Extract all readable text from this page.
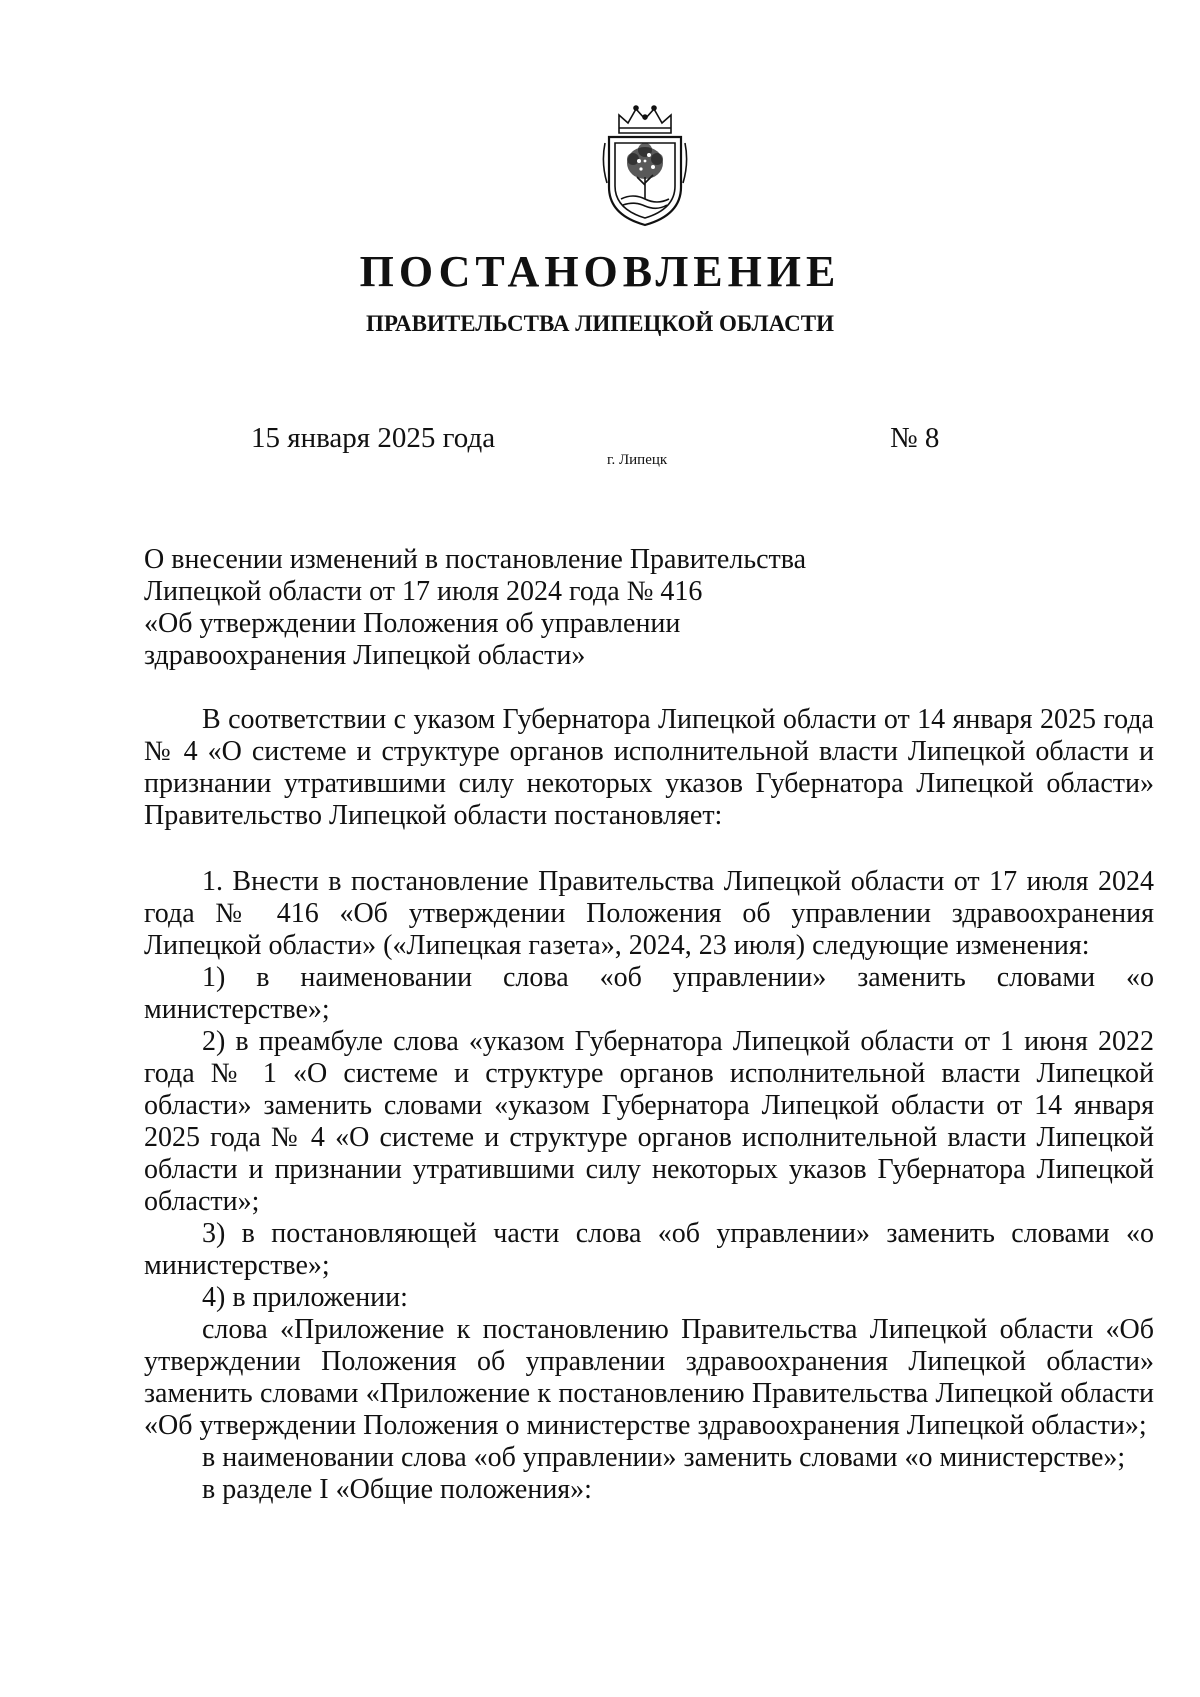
ПОСТАНОВЛЕНИЕ
ПРАВИТЕЛЬСТВА ЛИПЕЦКОЙ ОБЛАСТИ
15 января 2025 года
г. Липецк
№ 8
О внесении изменений в постановление Правительства
Липецкой области от 17 июля 2024 года № 416
«Об утверждении Положения об управлении
здравоохранения Липецкой области»

В соответствии с указом Губернатора Липецкой области от 14 января 2025 года № 4 «О системе и структуре органов исполнительной власти Липецкой области и признании утратившими силу некоторых указов Губернатора Липецкой области» Правительство Липецкой области постановляет:

1. Внести в постановление Правительства Липецкой области от 17 июля 2024 года № 416 «Об утверждении Положения об управлении здравоохранения Липецкой области» («Липецкая газета», 2024, 23 июля) следующие изменения:

1) в наименовании слова «об управлении» заменить словами «о министерстве»;

2) в преамбуле слова «указом Губернатора Липецкой области от 1 июня 2022 года № 1 «О системе и структуре органов исполнительной власти Липецкой области» заменить словами «указом Губернатора Липецкой области от 14 января 2025 года № 4 «О системе и структуре органов исполнительной власти Липецкой области и признании утратившими силу некоторых указов Губернатора Липецкой области»;

3) в постановляющей части слова «об управлении» заменить словами «о министерстве»;

4) в приложении:

слова «Приложение к постановлению Правительства Липецкой области «Об утверждении Положения об управлении здравоохранения Липецкой области» заменить словами «Приложение к постановлению Правительства Липецкой области «Об утверждении Положения о министерстве здравоохранения Липецкой области»;

в наименовании слова «об управлении» заменить словами «о министерстве»;

в разделе I «Общие положения»:
